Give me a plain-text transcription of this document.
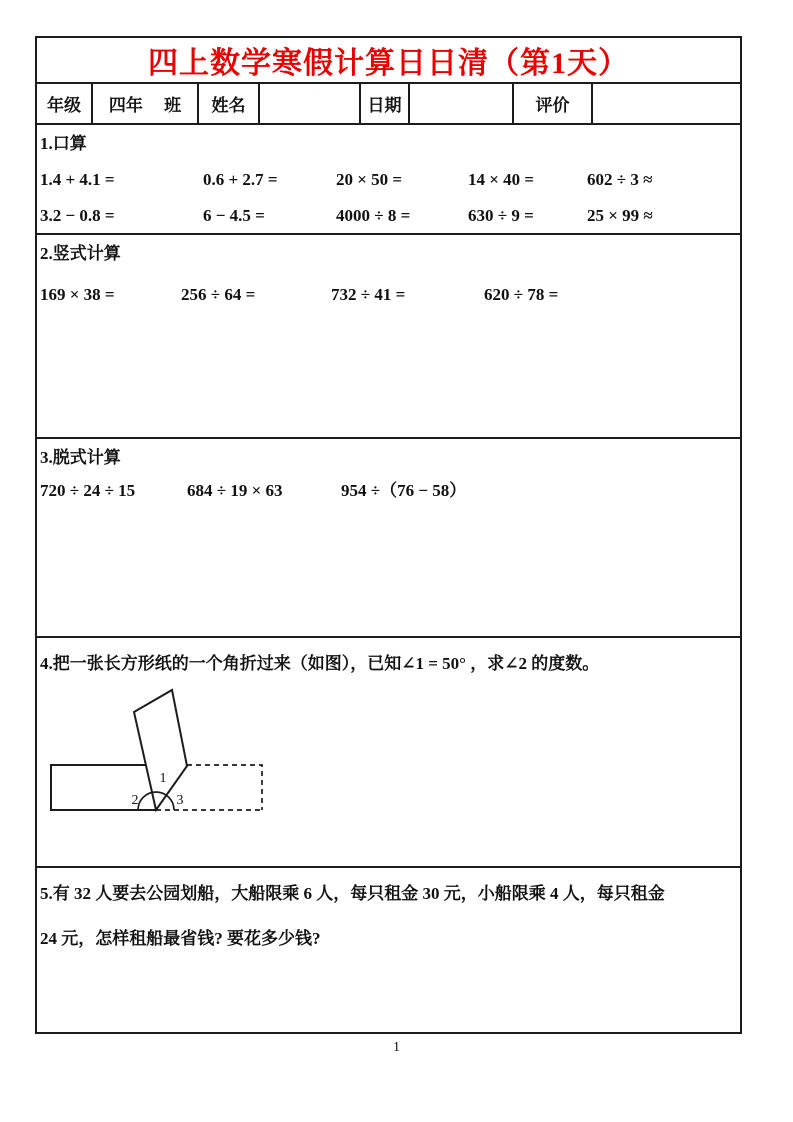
四上数学寒假计算日日清（第1天）
年级	四年　 班	姓名	日期	评价
1.口算
1.4 + 4.1 =	0.6 + 2.7 =	20 × 50 =	14 × 40 =	602 ÷ 3 ≈
3.2 − 0.8 =	6 − 4.5 =	4000 ÷ 8 =	630 ÷ 9 =	25 × 99 ≈
2.竖式计算
169 × 38 =	256 ÷ 64 =	732 ÷ 41 =	620 ÷ 78 =
3.脱式计算
720 ÷ 24 ÷ 15	684 ÷ 19 × 63	954 ÷（76 − 58）
4.把一张长方形纸的一个角折过来（如图），已知∠1 = 50° ，求∠2 的度数。
1
2	3
5.有 32 人要去公园划船，大船限乘 6 人，每只租金 30 元，小船限乘 4 人，每只租金
24 元，怎样租船最省钱? 要花多少钱?
1
